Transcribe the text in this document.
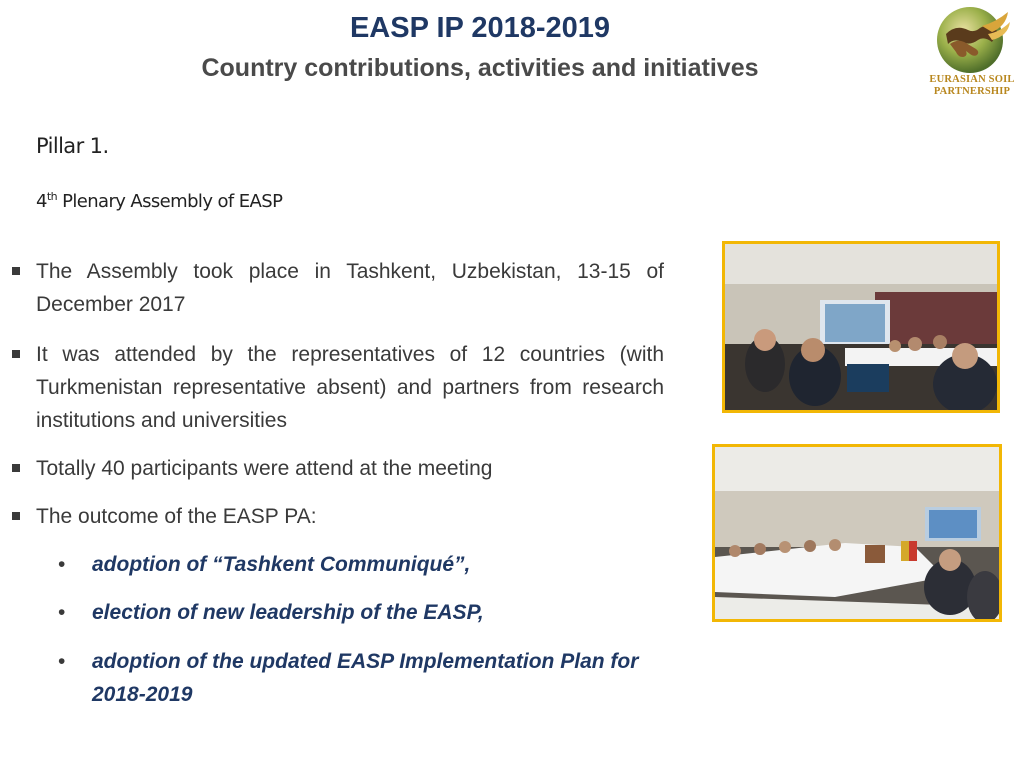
EASP IP 2018-2019
Country contributions, activities and initiatives	EURASIAN SOIL
PARTNERSHIP
Pillar 1.
4th Plenary Assembly of EASP
The Assembly took place in Tashkent, Uzbekistan, 13-15 of December 2017
It was attended by the representatives of 12 countries (with Turkmenistan representative absent) and partners from research institutions and universities
Totally 40 participants were attend at the meeting
The outcome of the EASP PA:
• adoption of “Tashkent Communiqué”,
• election of new leadership of the EASP,
• adoption of the updated EASP Implementation Plan for 2018-2019
